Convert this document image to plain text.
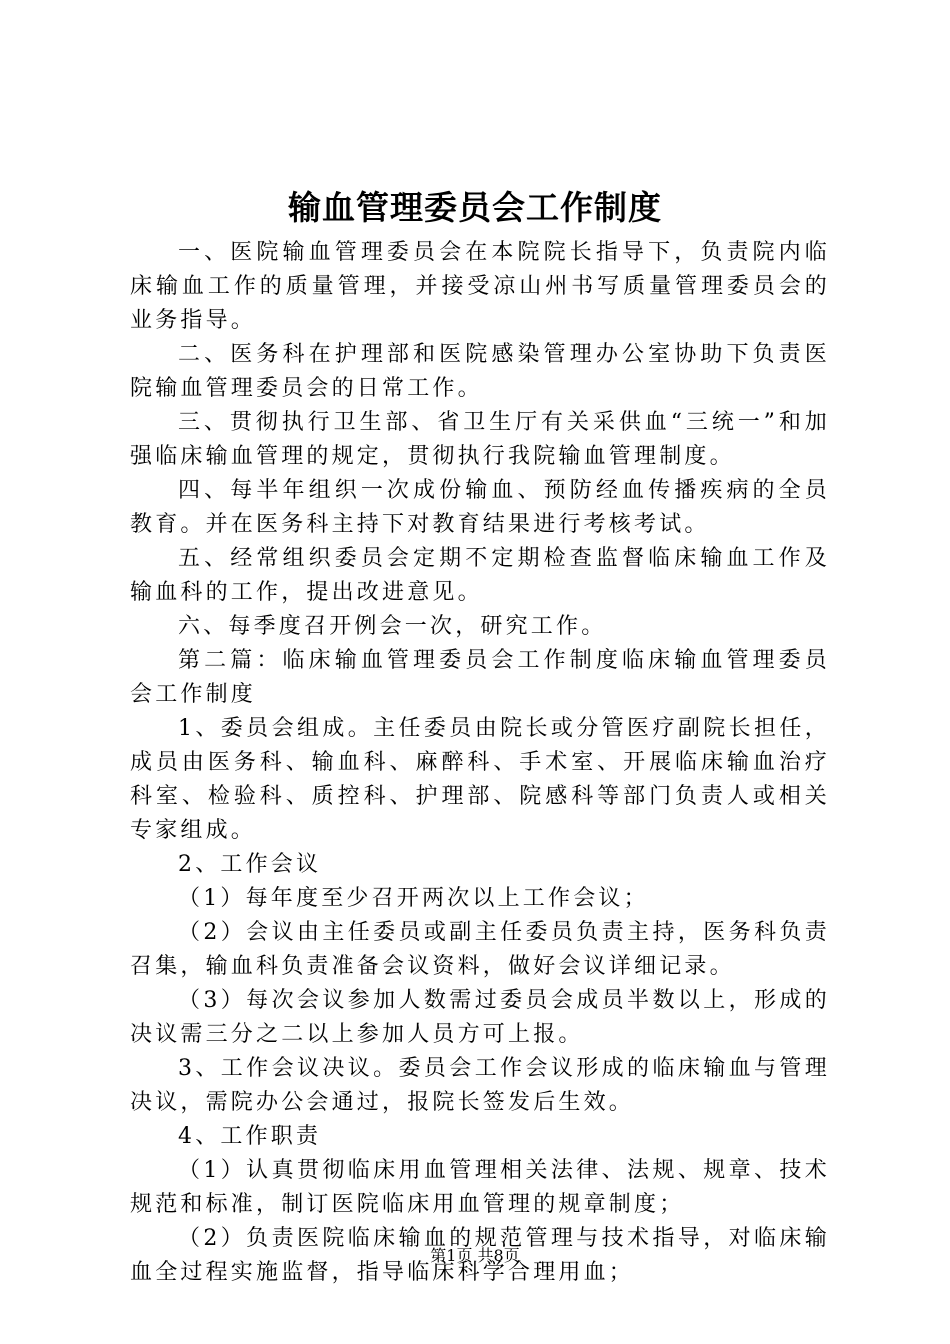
输血管理委员会工作制度

一、医院输血管理委员会在本院院长指导下，负责院内临床输血工作的质量管理，并接受凉山州书写质量管理委员会的业务指导。

二、医务科在护理部和医院感染管理办公室协助下负责医院输血管理委员会的日常工作。

三、贯彻执行卫生部、省卫生厅有关采供血“三统一”和加强临床输血管理的规定，贯彻执行我院输血管理制度。

四、每半年组织一次成份输血、预防经血传播疾病的全员教育。并在医务科主持下对教育结果进行考核考试。

五、经常组织委员会定期不定期检查监督临床输血工作及输血科的工作，提出改进意见。

六、每季度召开例会一次，研究工作。

第二篇：临床输血管理委员会工作制度临床输血管理委员会工作制度

1、委员会组成。主任委员由院长或分管医疗副院长担任，成员由医务科、输血科、麻醉科、手术室、开展临床输血治疗科室、检验科、质控科、护理部、院感科等部门负责人或相关专家组成。

2、工作会议

（1）每年度至少召开两次以上工作会议；

（2）会议由主任委员或副主任委员负责主持，医务科负责召集，输血科负责准备会议资料，做好会议详细记录。

（3）每次会议参加人数需过委员会成员半数以上，形成的决议需三分之二以上参加人员方可上报。

3、工作会议决议。委员会工作会议形成的临床输血与管理决议，需院办公会通过，报院长签发后生效。

4、工作职责

（1）认真贯彻临床用血管理相关法律、法规、规章、技术规范和标准，制订医院临床用血管理的规章制度；

（2）负责医院临床输血的规范管理与技术指导，对临床输血全过程实施监督，指导临床科学合理用血；

第1页 共8页
